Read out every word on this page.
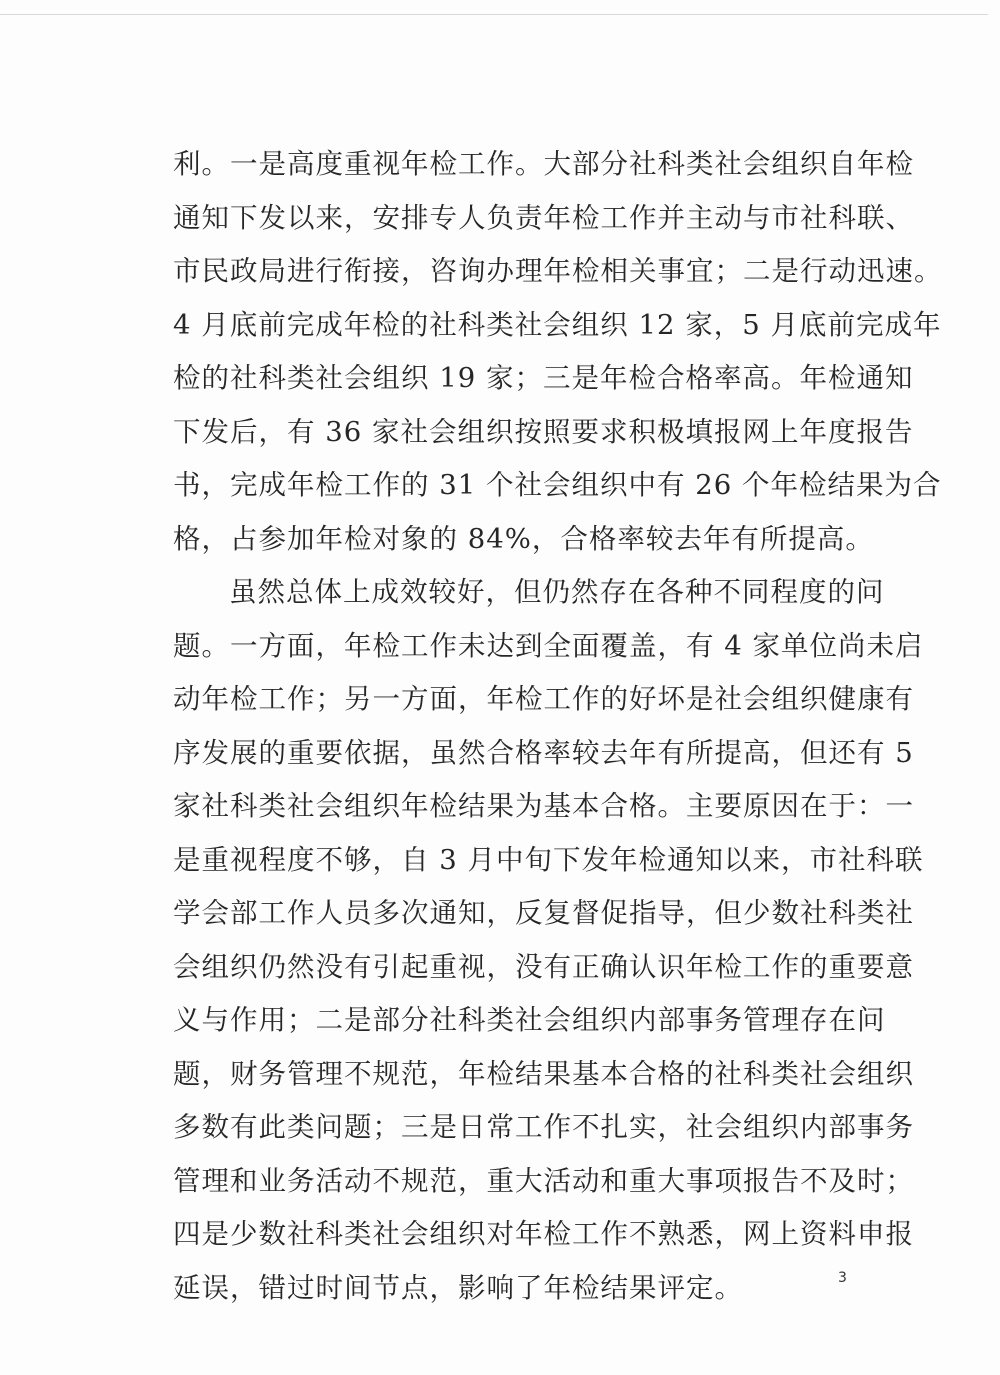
利。一是高度重视年检工作。大部分社科类社会组织自年检
通知下发以来，安排专人负责年检工作并主动与市社科联、
市民政局进行衔接，咨询办理年检相关事宜；二是行动迅速。
4 月底前完成年检的社科类社会组织 12 家，5 月底前完成年
检的社科类社会组织 19 家；三是年检合格率高。年检通知
下发后，有 36 家社会组织按照要求积极填报网上年度报告
书，完成年检工作的 31 个社会组织中有 26 个年检结果为合
格，占参加年检对象的 84%，合格率较去年有所提高。
虽然总体上成效较好，但仍然存在各种不同程度的问
题。一方面，年检工作未达到全面覆盖，有 4 家单位尚未启
动年检工作；另一方面，年检工作的好坏是社会组织健康有
序发展的重要依据，虽然合格率较去年有所提高，但还有 5
家社科类社会组织年检结果为基本合格。主要原因在于：一
是重视程度不够，自 3 月中旬下发年检通知以来，市社科联
学会部工作人员多次通知，反复督促指导，但少数社科类社
会组织仍然没有引起重视，没有正确认识年检工作的重要意
义与作用；二是部分社科类社会组织内部事务管理存在问
题，财务管理不规范，年检结果基本合格的社科类社会组织
多数有此类问题；三是日常工作不扎实，社会组织内部事务
管理和业务活动不规范，重大活动和重大事项报告不及时；
四是少数社科类社会组织对年检工作不熟悉，网上资料申报
延误，错过时间节点，影响了年检结果评定。	3
